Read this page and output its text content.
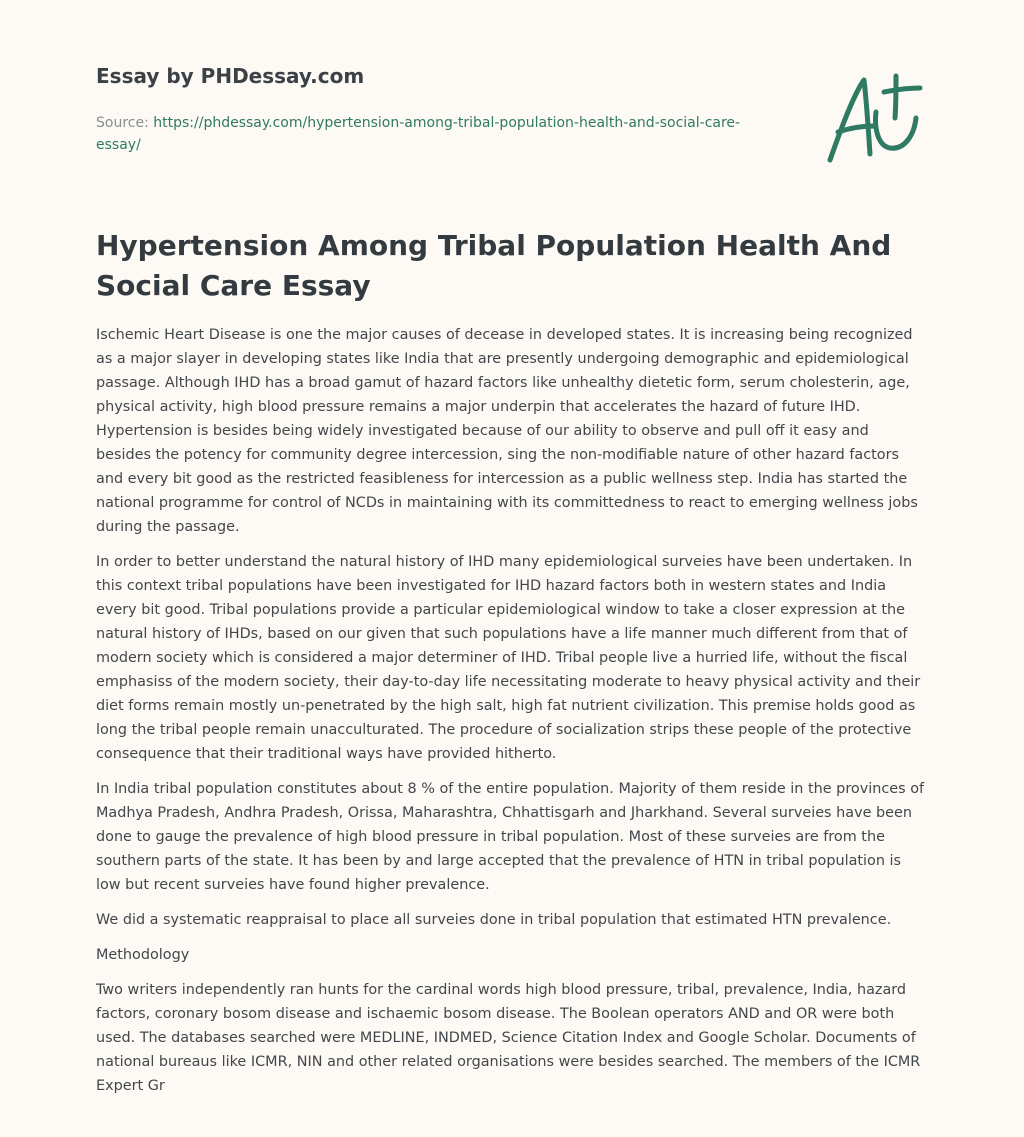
Essay by PHDessay.com
Source: https://phdessay.com/hypertension-among-tribal-population-health-and-social-care-essay/
Hypertension Among Tribal Population Health And Social Care Essay

Ischemic Heart Disease is one the major causes of decease in developed states. It is increasing being recognized as a major slayer in developing states like India that are presently undergoing demographic and epidemiological passage. Although IHD has a broad gamut of hazard factors like unhealthy dietetic form, serum cholesterin, age, physical activity, high blood pressure remains a major underpin that accelerates the hazard of future IHD. Hypertension is besides being widely investigated because of our ability to observe and pull off it easy and besides the potency for community degree intercession, sing the non-modifiable nature of other hazard factors and every bit good as the restricted feasibleness for intercession as a public wellness step. India has started the national programme for control of NCDs in maintaining with its committedness to react to emerging wellness jobs during the passage.

In order to better understand the natural history of IHD many epidemiological surveies have been undertaken. In this context tribal populations have been investigated for IHD hazard factors both in western states and India every bit good. Tribal populations provide a particular epidemiological window to take a closer expression at the natural history of IHDs, based on our given that such populations have a life manner much different from that of modern society which is considered a major determiner of IHD. Tribal people live a hurried life, without the fiscal emphasiss of the modern society, their day-to-day life necessitating moderate to heavy physical activity and their diet forms remain mostly un-penetrated by the high salt, high fat nutrient civilization. This premise holds good as long the tribal people remain unacculturated. The procedure of socialization strips these people of the protective consequence that their traditional ways have provided hitherto.

In India tribal population constitutes about 8 % of the entire population. Majority of them reside in the provinces of Madhya Pradesh, Andhra Pradesh, Orissa, Maharashtra, Chhattisgarh and Jharkhand. Several surveies have been done to gauge the prevalence of high blood pressure in tribal population. Most of these surveies are from the southern parts of the state. It has been by and large accepted that the prevalence of HTN in tribal population is low but recent surveies have found higher prevalence.

We did a systematic reappraisal to place all surveies done in tribal population that estimated HTN prevalence.

Methodology

Two writers independently ran hunts for the cardinal words high blood pressure, tribal, prevalence, India, hazard factors, coronary bosom disease and ischaemic bosom disease. The Boolean operators AND and OR were both used. The databases searched were MEDLINE, INDMED, Science Citation Index and Google Scholar. Documents of national bureaus like ICMR, NIN and other related organisations were besides searched. The members of the ICMR Expert Gr
